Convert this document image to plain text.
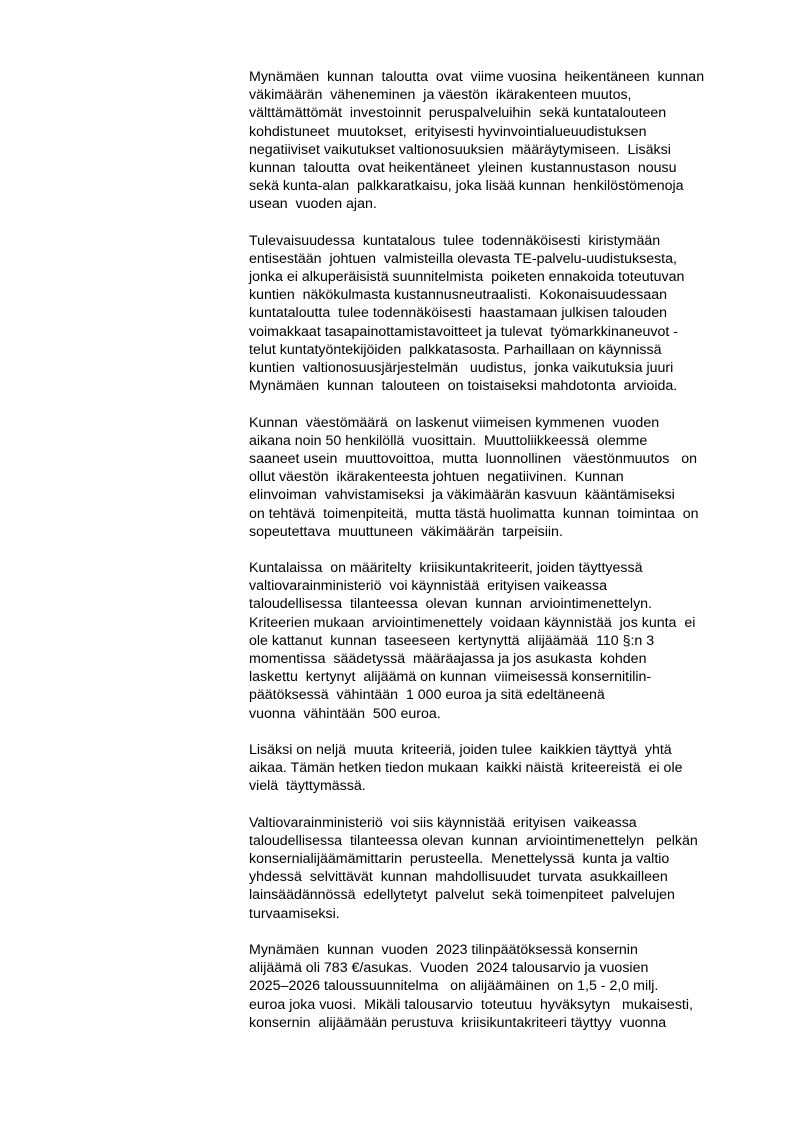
Mynämäen  kunnan  taloutta  ovat  viime vuosina  heikentäneen  kunnan
väkimäärän  väheneminen  ja väestön  ikärakenteen muutos,
välttämättömät  investoinnit  peruspalveluihin  sekä kuntatalouteen
kohdistuneet  muutokset,  erityisesti hyvinvointialueuudistuksen
negatiiviset vaikutukset valtionosuuksien  määräytymiseen.  Lisäksi
kunnan  taloutta  ovat heikentäneet  yleinen  kustannustason  nousu
sekä kunta-alan  palkkaratkaisu, joka lisää kunnan  henkilöstömenoja
usean  vuoden ajan.
Tulevaisuudessa  kuntatalous  tulee  todennäköisesti  kiristymään
entisestään  johtuen  valmisteilla olevasta TE-palvelu-uudistuksesta,
jonka ei alkuperäisistä suunnitelmista  poiketen ennakoida toteutuvan
kuntien  näkökulmasta kustannusneutraalisti.  Kokonaisuudessaan
kuntataloutta  tulee todennäköisesti  haastamaan julkisen talouden
voimakkaat tasapainottamistavoitteet ja tulevat  työmarkkinaneuvot -
telut kuntatyöntekijöiden  palkkatasosta. Parhaillaan on käynnissä
kuntien  valtionosuusjärjestelmän   uudistus,  jonka vaikutuksia juuri
Mynämäen  kunnan  talouteen  on toistaiseksi mahdotonta  arvioida.
Kunnan  väestömäärä  on laskenut viimeisen kymmenen  vuoden
aikana noin 50 henkilöllä  vuosittain.  Muuttoliikkeessä  olemme
saaneet usein  muuttovoittoa,  mutta  luonnollinen   väestönmuutos   on
ollut väestön  ikärakenteesta johtuen  negatiivinen.  Kunnan
elinvoiman  vahvistamiseksi  ja väkimäärän kasvuun  kääntämiseksi
on tehtävä  toimenpiteitä,  mutta tästä huolimatta  kunnan  toimintaa  on
sopeutettava  muuttuneen  väkimäärän  tarpeisiin.
Kuntalaissa  on määritelty  kriisikuntakriteerit, joiden täyttyessä
valtiovarainministeriö  voi käynnistää  erityisen vaikeassa
taloudellisessa  tilanteessa  olevan  kunnan  arviointimenettelyn.
Kriteerien mukaan  arviointimenettely  voidaan käynnistää  jos kunta  ei
ole kattanut  kunnan  taseeseen  kertynyttä  alijäämää  110 §:n 3
momentissa  säädetyssä  määräajassa ja jos asukasta  kohden
laskettu  kertynyt  alijäämä on kunnan  viimeisessä konsernitilin-
päätöksessä  vähintään  1 000 euroa ja sitä edeltäneenä
vuonna  vähintään  500 euroa.
Lisäksi on neljä  muuta  kriteeriä, joiden tulee  kaikkien täyttyä  yhtä
aikaa. Tämän hetken tiedon mukaan  kaikki näistä  kriteereistä  ei ole
vielä  täyttymässä.
Valtiovarainministeriö  voi siis käynnistää  erityisen  vaikeassa
taloudellisessa  tilanteessa olevan  kunnan  arviointimenettelyn   pelkän
konsernialijäämämittarin  perusteella.  Menettelyssä  kunta ja valtio
yhdessä  selvittävät  kunnan  mahdollisuudet  turvata  asukkailleen
lainsäädännössä  edellytetyt  palvelut  sekä toimenpiteet  palvelujen
turvaamiseksi.
Mynämäen  kunnan  vuoden  2023 tilinpäätöksessä konsernin
alijäämä oli 783 €/asukas.  Vuoden  2024 talousarvio ja vuosien
2025–2026 taloussuunnitelma   on alijäämäinen  on 1,5 - 2,0 milj.
euroa joka vuosi.  Mikäli talousarvio  toteutuu  hyväksytyn   mukaisesti,
konsernin  alijäämään perustuva  kriisikuntakriteeri täyttyy  vuonna
